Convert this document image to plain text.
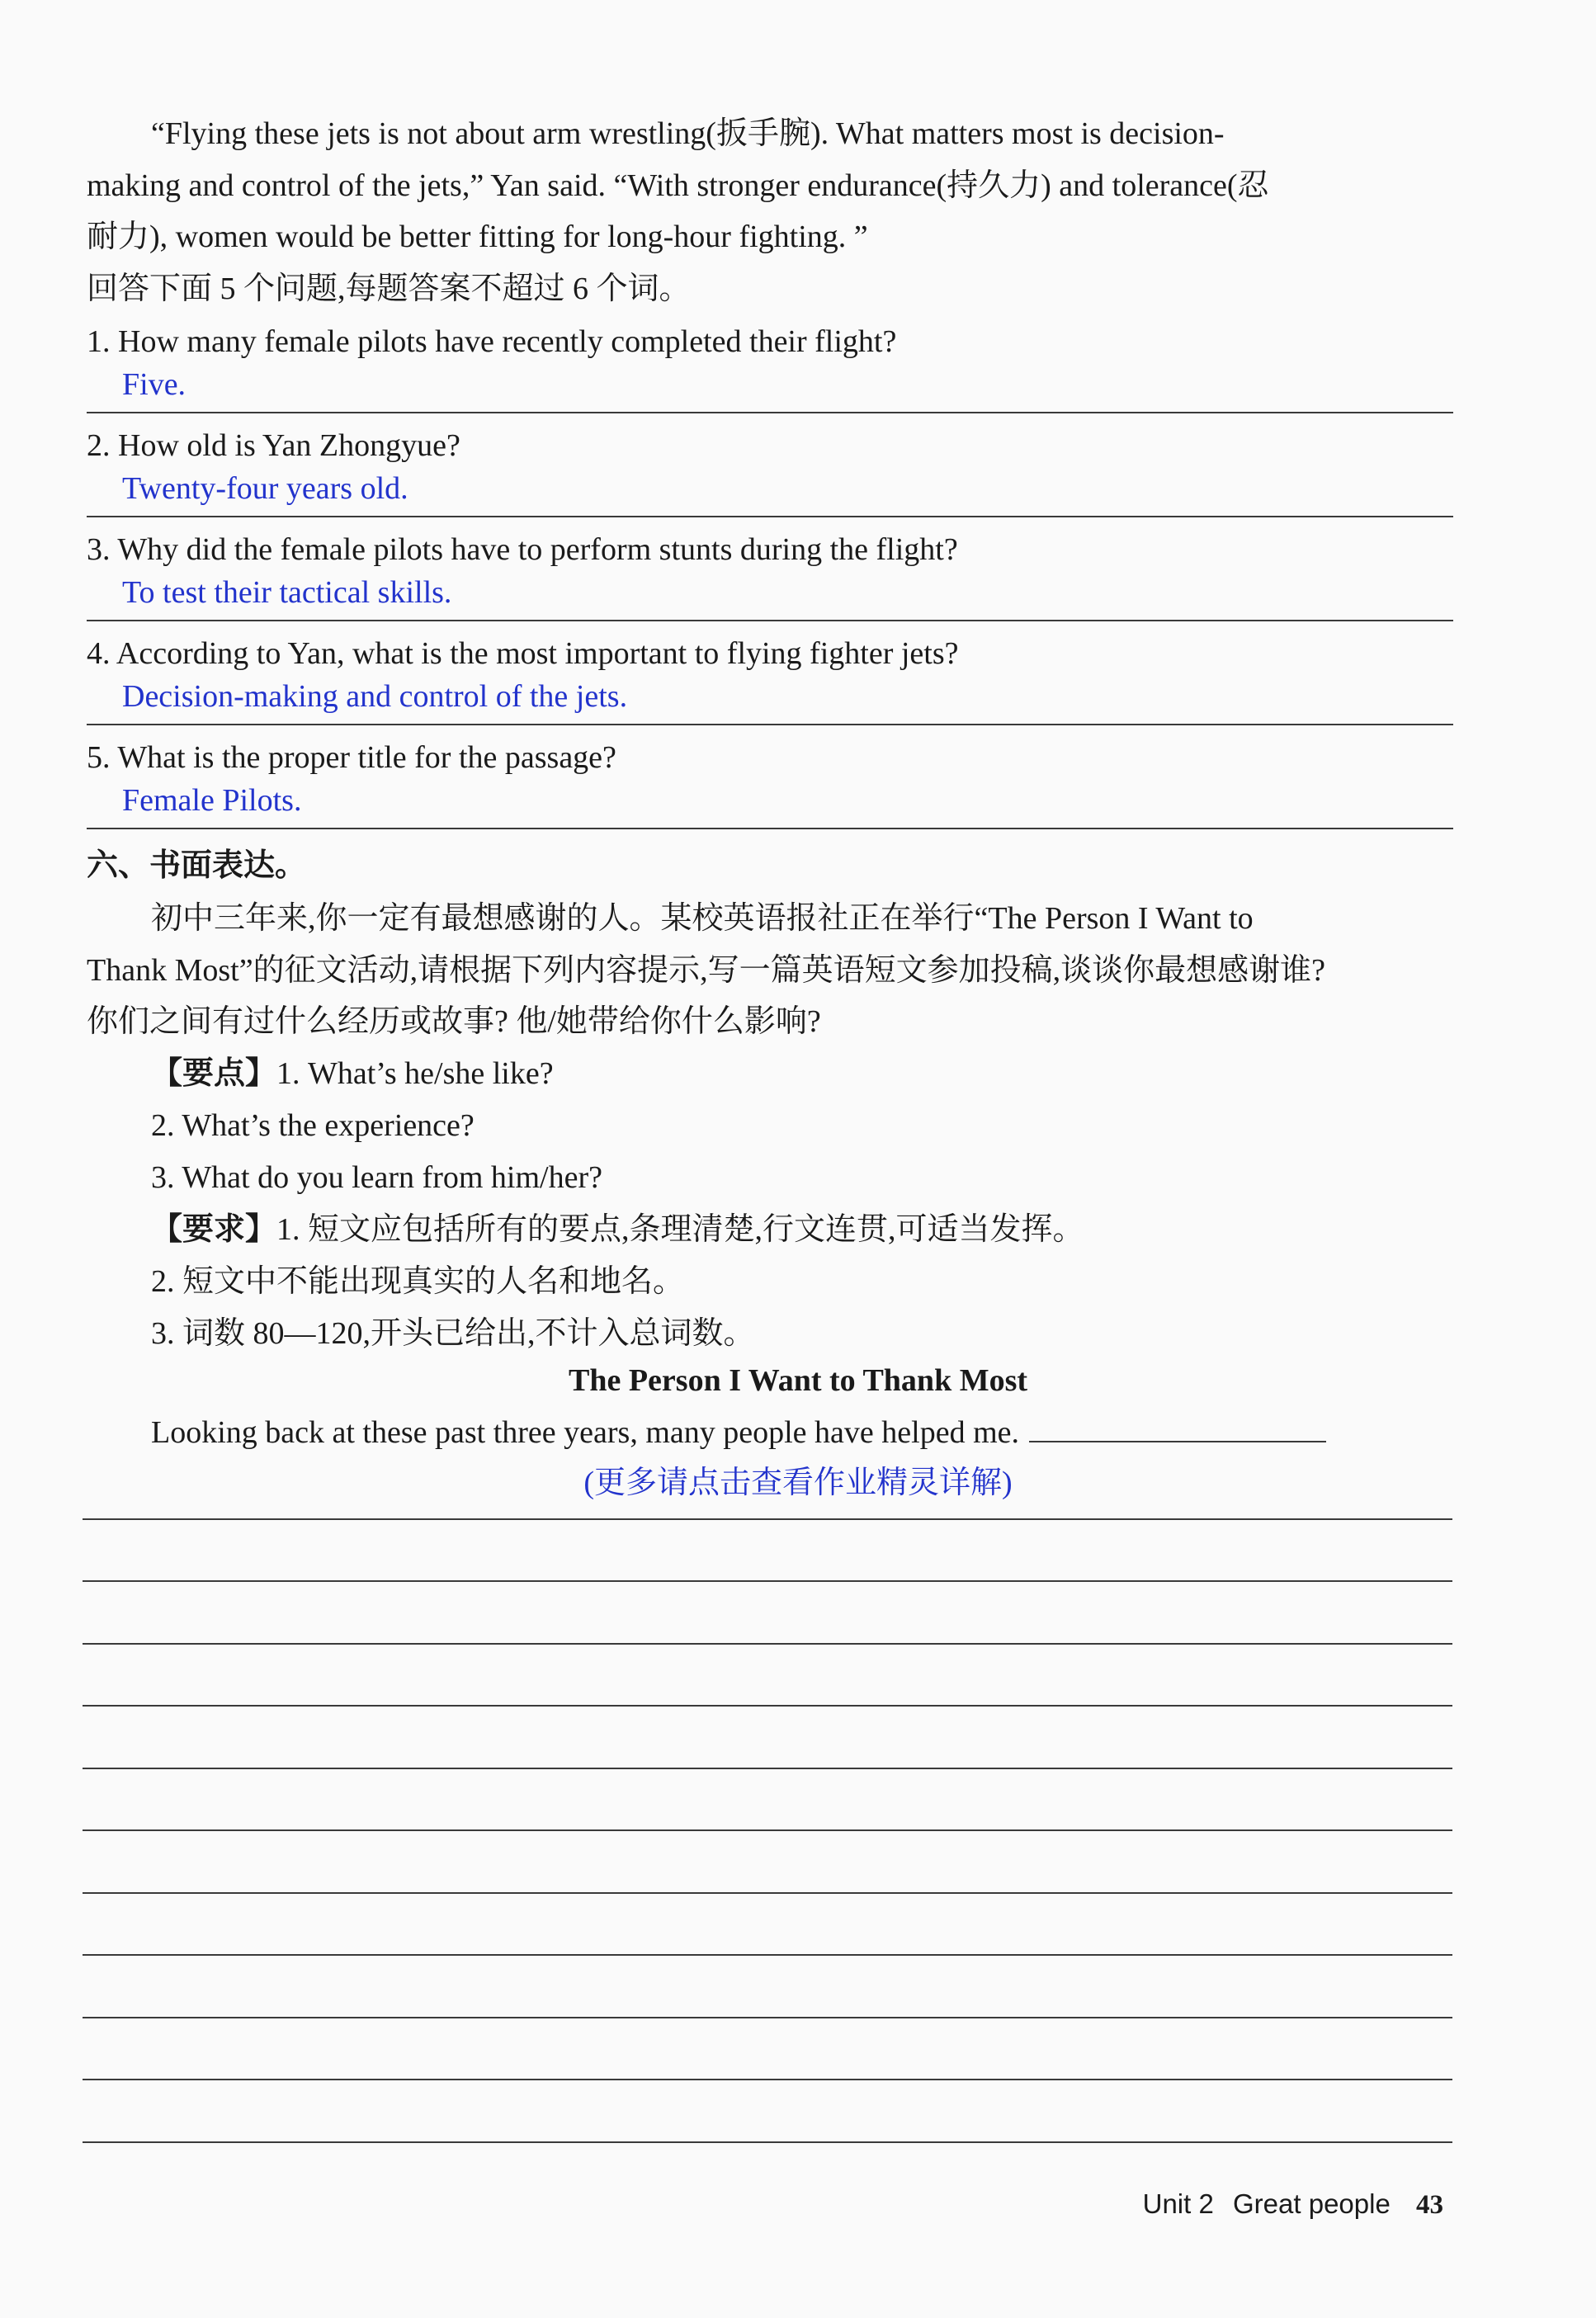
“Flying these jets is not about arm wrestling(扳手腕). What matters most is decision-
making and control of the jets,” Yan said. “With stronger endurance(持久力) and tolerance(忍
耐力), women would be better fitting for long-hour fighting. ”
回答下面 5 个问题,每题答案不超过 6 个词。
1. How many female pilots have recently completed their flight?
Five.
2. How old is Yan Zhongyue?
Twenty-four years old.
3. Why did the female pilots have to perform stunts during the flight?
To test their tactical skills.
4. According to Yan, what is the most important to flying fighter jets?
Decision-making and control of the jets.
5. What is the proper title for the passage?
Female Pilots.
六、书面表达。
初中三年来,你一定有最想感谢的人。某校英语报社正在举行“The Person I Want to
Thank Most”的征文活动,请根据下列内容提示,写一篇英语短文参加投稿,谈谈你最想感谢谁?
你们之间有过什么经历或故事? 他/她带给你什么影响?
【要点】1. What’s he/she like?
2. What’s the experience?
3. What do you learn from him/her?
【要求】1. 短文应包括所有的要点,条理清楚,行文连贯,可适当发挥。
2. 短文中不能出现真实的人名和地名。
3. 词数 80—120,开头已给出,不计入总词数。
The Person I Want to Thank Most
Looking back at these past three years, many people have helped me.
(更多请点击查看作业精灵详解)
Unit 2 Great people 43
